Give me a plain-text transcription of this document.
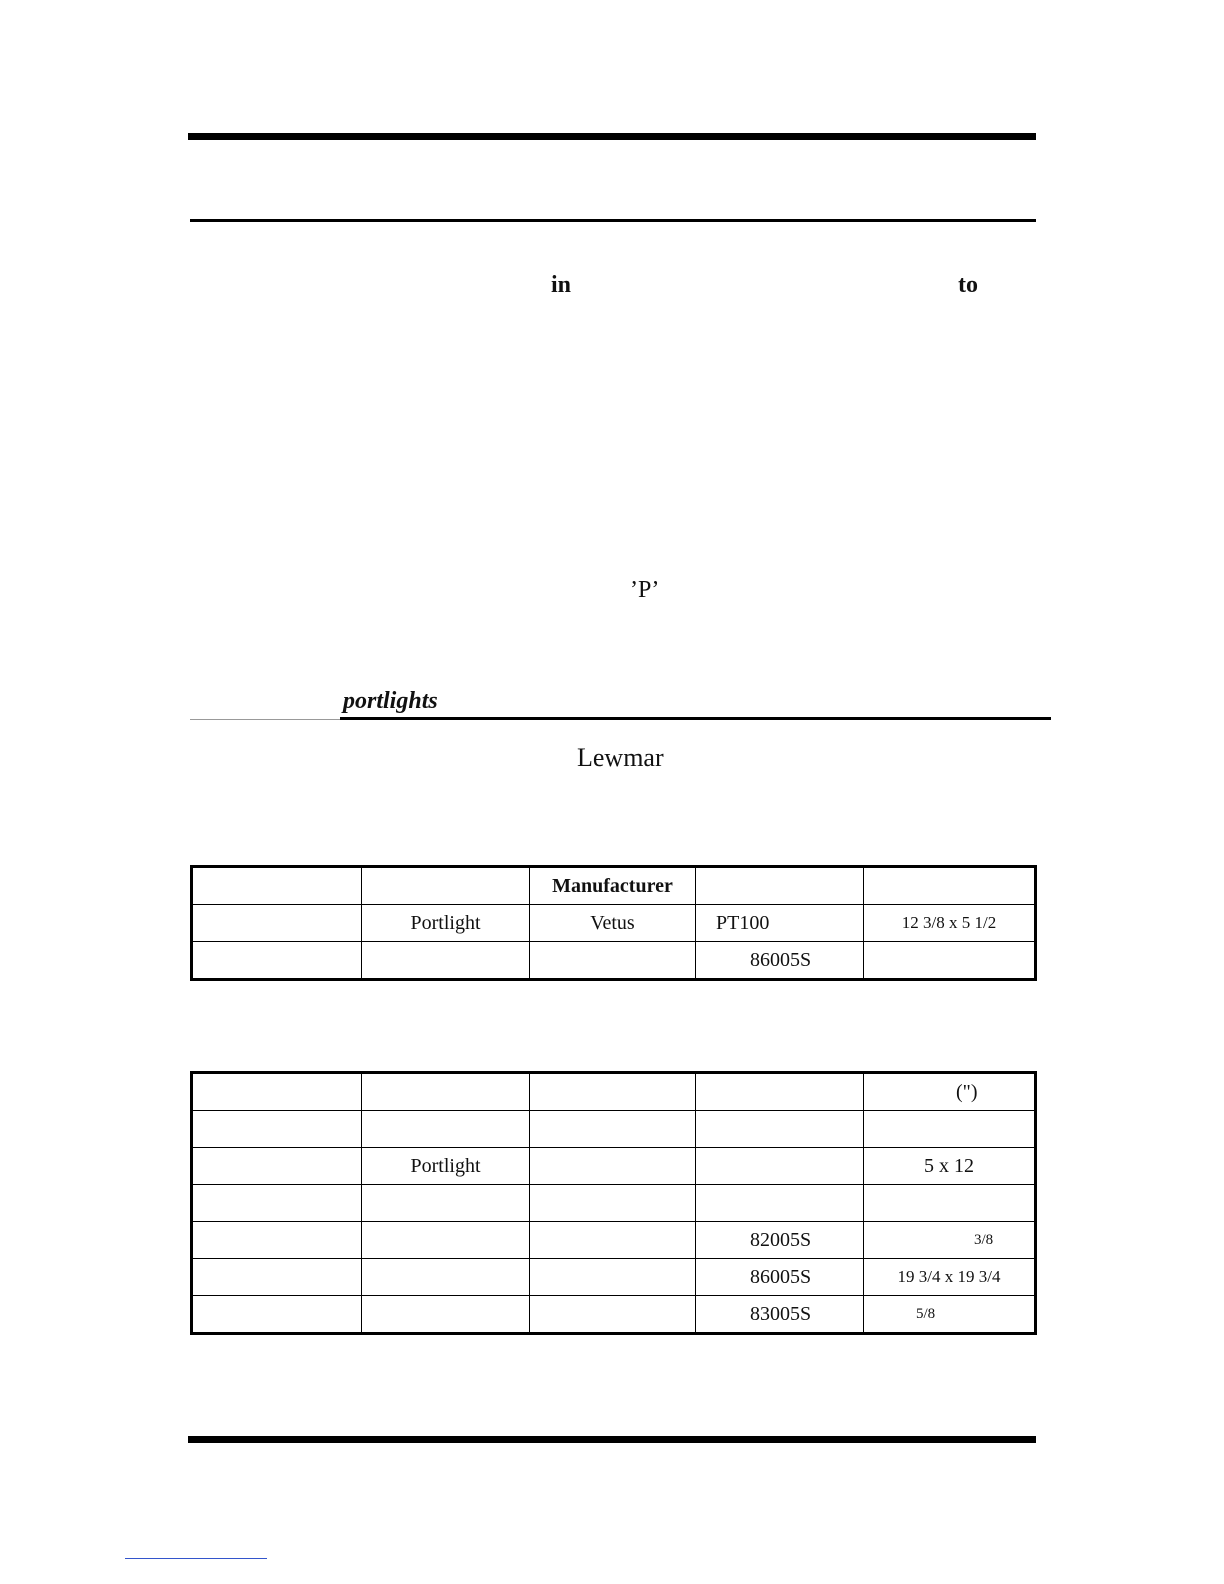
in	to
’P’
portlights
Lewmar
		Manufacturer		
	Portlight	Vetus	PT100	12 3/8 x 5 1/2
			86005S	
				(")

	Portlight			5 x 12

			82005S	3/8
			86005S	19 3/4 x 19 3/4
			83005S	5/8
